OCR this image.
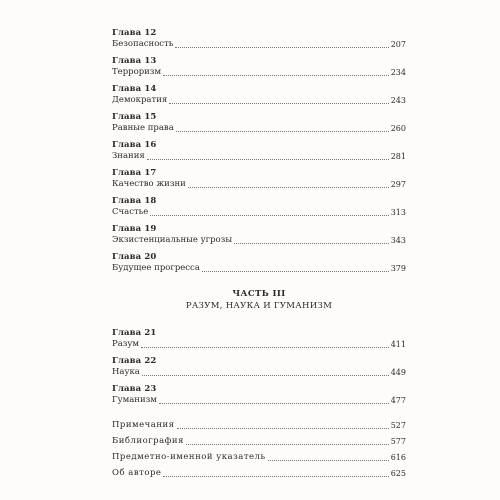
Глава 12
Безопасность	207
Глава 13
Терроризм	234
Глава 14
Демократия	243
Глава 15
Равные права	260
Глава 16
Знания	281
Глава 17
Качество жизни	297
Глава 18
Счастье	313
Глава 19
Экзистенциальные угрозы	343
Глава 20
Будущее прогресса	379
ЧАСТЬ III
РАЗУМ, НАУКА И ГУМАНИЗМ
Глава 21
Разум	411
Глава 22
Наука	449
Глава 23
Гуманизм	477
Примечания	527
Библиография	577
Предметно-именной указатель	616
Об авторе	625
